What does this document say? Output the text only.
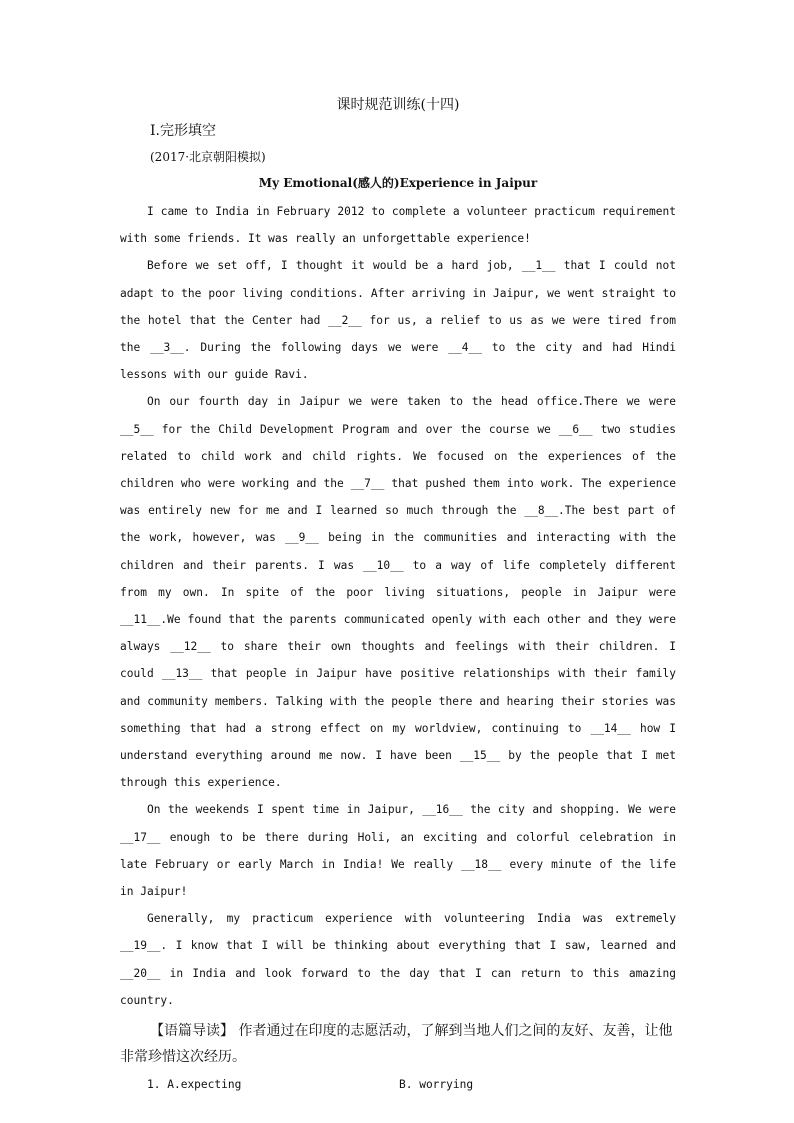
课时规范训练(十四)
Ⅰ.完形填空
(2017·北京朝阳模拟)
My Emotional(感人的)Experience in Jaipur

I came to India in February 2012 to complete a volunteer practicum requirement with some friends. It was really an unforgettable experience!

Before we set off, I thought it would be a hard job, __1__ that I could not adapt to the poor living conditions. After arriving in Jaipur, we went straight to the hotel that the Center had __2__ for us, a relief to us as we were tired from the __3__. During the following days we were __4__ to the city and had Hindi lessons with our guide Ravi.

On our fourth day in Jaipur we were taken to the head office.There we were __5__ for the Child Development Program and over the course we __6__ two studies related to child work and child rights. We focused on the experiences of the children who were working and the __7__ that pushed them into work. The experience was entirely new for me and I learned so much through the __8__.The best part of the work, however, was __9__ being in the communities and interacting with the children and their parents. I was __10__ to a way of life completely different from my own. In spite of the poor living situations, people in Jaipur were __11__.We found that the parents communicated openly with each other and they were always __12__ to share their own thoughts and feelings with their children. I could __13__ that people in Jaipur have positive relationships with their family and community members. Talking with the people there and hearing their stories was something that had a strong effect on my worldview, continuing to __14__ how I understand everything around me now. I have been __15__ by the people that I met through this experience.

On the weekends I spent time in Jaipur, __16__ the city and shopping. We were __17__ enough to be there during Holi, an exciting and colorful celebration in late February or early March in India! We really __18__ every minute of the life in Jaipur!

Generally, my practicum experience with volunteering India was extremely __19__. I know that I will be thinking about everything that I saw, learned and __20__ in India and look forward to the day that I can return to this amazing country.

【语篇导读】 作者通过在印度的志愿活动，了解到当地人们之间的友好、友善，让他非常珍惜这次经历。

1. A.expecting	B. worrying
